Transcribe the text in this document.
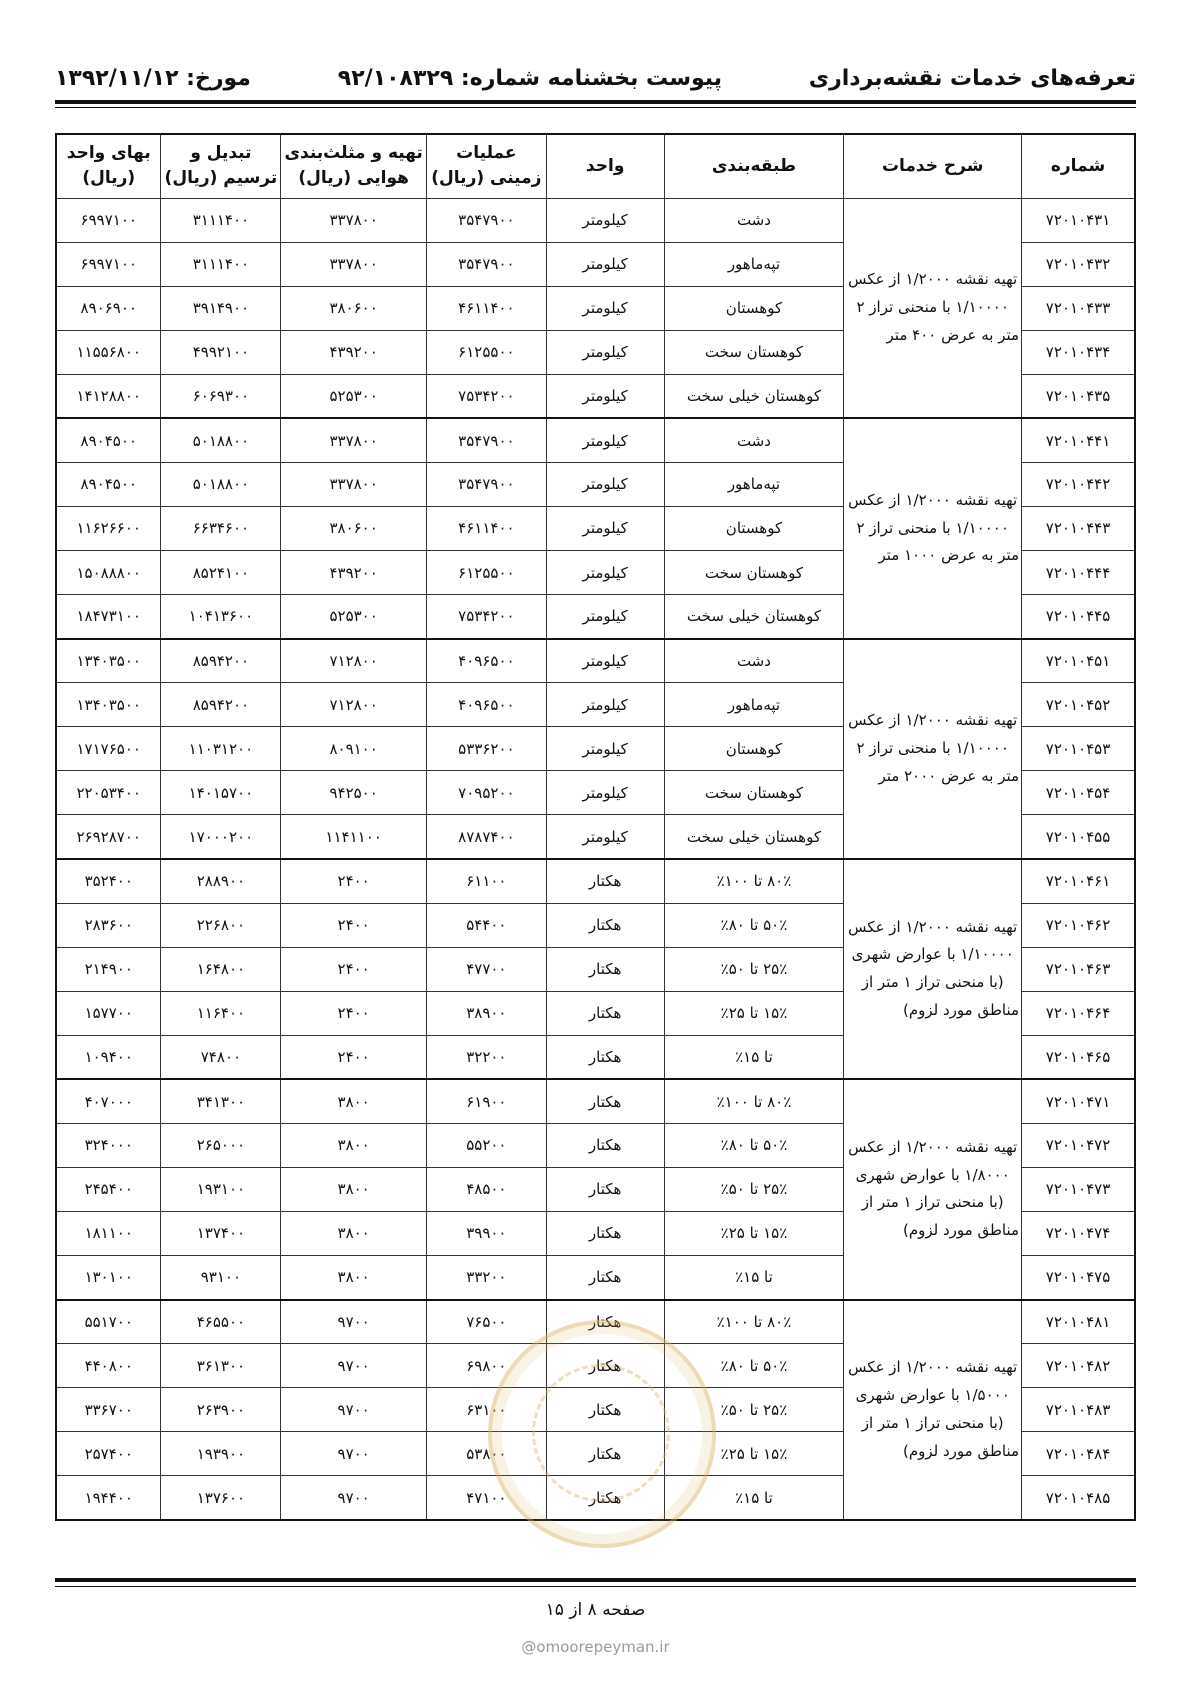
تعرفه‌های خدمات نقشه‌برداری
پیوست بخشنامه شماره: ۹۲/۱۰۸۳۲۹
مورخ: ۱۳۹۲/۱۱/۱۲
شماره	شرح خدمات	طبقه‌بندی	واحد	عملیات زمینی (ریال)	تهیه و مثلث‌بندی هوایی (ریال)	تبدیل و ترسیم (ریال)	بهای واحد (ریال)
۷۲۰۱۰۴۳۱	تهیه نقشه ۱/۲۰۰۰ از عکس ۱/۱۰۰۰۰ با منحنی تراز ۲ متر به عرض ۴۰۰ متر	دشت	کیلومتر	۳۵۴۷۹۰۰	۳۳۷۸۰۰	۳۱۱۱۴۰۰	۶۹۹۷۱۰۰
۷۲۰۱۰۴۳۲		تپه‌ماهور	کیلومتر	۳۵۴۷۹۰۰	۳۳۷۸۰۰	۳۱۱۱۴۰۰	۶۹۹۷۱۰۰
۷۲۰۱۰۴۳۳		کوهستان	کیلومتر	۴۶۱۱۴۰۰	۳۸۰۶۰۰	۳۹۱۴۹۰۰	۸۹۰۶۹۰۰
۷۲۰۱۰۴۳۴		کوهستان سخت	کیلومتر	۶۱۲۵۵۰۰	۴۳۹۲۰۰	۴۹۹۲۱۰۰	۱۱۵۵۶۸۰۰
۷۲۰۱۰۴۳۵		کوهستان خیلی سخت	کیلومتر	۷۵۳۴۲۰۰	۵۲۵۳۰۰	۶۰۶۹۳۰۰	۱۴۱۲۸۸۰۰
۷۲۰۱۰۴۴۱	تهیه نقشه ۱/۲۰۰۰ از عکس ۱/۱۰۰۰۰ با منحنی تراز ۲ متر به عرض ۱۰۰۰ متر	دشت	کیلومتر	۳۵۴۷۹۰۰	۳۳۷۸۰۰	۵۰۱۸۸۰۰	۸۹۰۴۵۰۰
۷۲۰۱۰۴۴۲		تپه‌ماهور	کیلومتر	۳۵۴۷۹۰۰	۳۳۷۸۰۰	۵۰۱۸۸۰۰	۸۹۰۴۵۰۰
۷۲۰۱۰۴۴۳		کوهستان	کیلومتر	۴۶۱۱۴۰۰	۳۸۰۶۰۰	۶۶۳۴۶۰۰	۱۱۶۲۶۶۰۰
۷۲۰۱۰۴۴۴		کوهستان سخت	کیلومتر	۶۱۲۵۵۰۰	۴۳۹۲۰۰	۸۵۲۴۱۰۰	۱۵۰۸۸۸۰۰
۷۲۰۱۰۴۴۵		کوهستان خیلی سخت	کیلومتر	۷۵۳۴۲۰۰	۵۲۵۳۰۰	۱۰۴۱۳۶۰۰	۱۸۴۷۳۱۰۰
۷۲۰۱۰۴۵۱	تهیه نقشه ۱/۲۰۰۰ از عکس ۱/۱۰۰۰۰ با منحنی تراز ۲ متر به عرض ۲۰۰۰ متر	دشت	کیلومتر	۴۰۹۶۵۰۰	۷۱۲۸۰۰	۸۵۹۴۲۰۰	۱۳۴۰۳۵۰۰
۷۲۰۱۰۴۵۲		تپه‌ماهور	کیلومتر	۴۰۹۶۵۰۰	۷۱۲۸۰۰	۸۵۹۴۲۰۰	۱۳۴۰۳۵۰۰
۷۲۰۱۰۴۵۳		کوهستان	کیلومتر	۵۳۳۶۲۰۰	۸۰۹۱۰۰	۱۱۰۳۱۲۰۰	۱۷۱۷۶۵۰۰
۷۲۰۱۰۴۵۴		کوهستان سخت	کیلومتر	۷۰۹۵۲۰۰	۹۴۲۵۰۰	۱۴۰۱۵۷۰۰	۲۲۰۵۳۴۰۰
۷۲۰۱۰۴۵۵		کوهستان خیلی سخت	کیلومتر	۸۷۸۷۴۰۰	۱۱۴۱۱۰۰	۱۷۰۰۰۲۰۰	۲۶۹۲۸۷۰۰
۷۲۰۱۰۴۶۱	تهیه نقشه ۱/۲۰۰۰ از عکس ۱/۱۰۰۰۰ با عوارض شهری (با منحنی تراز ۱ متر از مناطق مورد لزوم)	۸۰٪ تا ۱۰۰٪	هکتار	۶۱۱۰۰	۲۴۰۰	۲۸۸۹۰۰	۳۵۲۴۰۰
۷۲۰۱۰۴۶۲		۵۰٪ تا ۸۰٪	هکتار	۵۴۴۰۰	۲۴۰۰	۲۲۶۸۰۰	۲۸۳۶۰۰
۷۲۰۱۰۴۶۳		۲۵٪ تا ۵۰٪	هکتار	۴۷۷۰۰	۲۴۰۰	۱۶۴۸۰۰	۲۱۴۹۰۰
۷۲۰۱۰۴۶۴		۱۵٪ تا ۲۵٪	هکتار	۳۸۹۰۰	۲۴۰۰	۱۱۶۴۰۰	۱۵۷۷۰۰
۷۲۰۱۰۴۶۵		تا ۱۵٪	هکتار	۳۲۲۰۰	۲۴۰۰	۷۴۸۰۰	۱۰۹۴۰۰
۷۲۰۱۰۴۷۱	تهیه نقشه ۱/۲۰۰۰ از عکس ۱/۸۰۰۰ با عوارض شهری (با منحنی تراز ۱ متر از مناطق مورد لزوم)	۸۰٪ تا ۱۰۰٪	هکتار	۶۱۹۰۰	۳۸۰۰	۳۴۱۳۰۰	۴۰۷۰۰۰
۷۲۰۱۰۴۷۲		۵۰٪ تا ۸۰٪	هکتار	۵۵۲۰۰	۳۸۰۰	۲۶۵۰۰۰	۳۲۴۰۰۰
۷۲۰۱۰۴۷۳		۲۵٪ تا ۵۰٪	هکتار	۴۸۵۰۰	۳۸۰۰	۱۹۳۱۰۰	۲۴۵۴۰۰
۷۲۰۱۰۴۷۴		۱۵٪ تا ۲۵٪	هکتار	۳۹۹۰۰	۳۸۰۰	۱۳۷۴۰۰	۱۸۱۱۰۰
۷۲۰۱۰۴۷۵		تا ۱۵٪	هکتار	۳۳۲۰۰	۳۸۰۰	۹۳۱۰۰	۱۳۰۱۰۰
۷۲۰۱۰۴۸۱	تهیه نقشه ۱/۲۰۰۰ از عکس ۱/۵۰۰۰ با عوارض شهری (با منحنی تراز ۱ متر از مناطق مورد لزوم)	۸۰٪ تا ۱۰۰٪	هکتار	۷۶۵۰۰	۹۷۰۰	۴۶۵۵۰۰	۵۵۱۷۰۰
۷۲۰۱۰۴۸۲		۵۰٪ تا ۸۰٪	هکتار	۶۹۸۰۰	۹۷۰۰	۳۶۱۳۰۰	۴۴۰۸۰۰
۷۲۰۱۰۴۸۳		۲۵٪ تا ۵۰٪	هکتار	۶۳۱۰۰	۹۷۰۰	۲۶۳۹۰۰	۳۳۶۷۰۰
۷۲۰۱۰۴۸۴		۱۵٪ تا ۲۵٪	هکتار	۵۳۸۰۰	۹۷۰۰	۱۹۳۹۰۰	۲۵۷۴۰۰
۷۲۰۱۰۴۸۵		تا ۱۵٪	هکتار	۴۷۱۰۰	۹۷۰۰	۱۳۷۶۰۰	۱۹۴۴۰۰
صفحه ۸ از ۱۵
@omoorepeyman.ir
